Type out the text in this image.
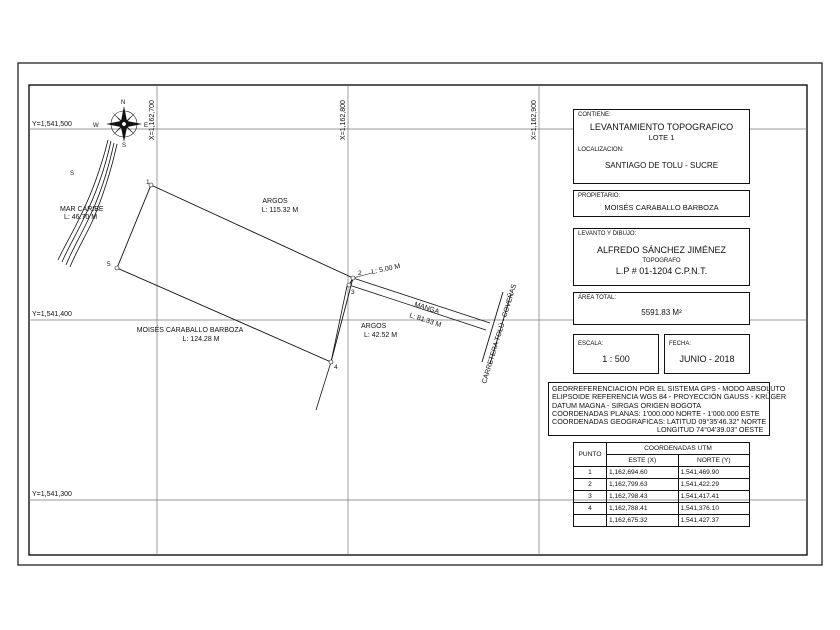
Y=1,541,500
Y=1,541,400
Y=1,541,300
X=1,162,700	X=1,162,800	X=1,162,900
N
E
W
S
S
CARRETERA TOLÚ - COVEÑAS
1
2
3
4
5
MAR CARIBE
L: 46.70 M
ARGOS
L: 115.32 M
L: 5.00 M
MANGA
L: 81.33 M
ARGOS
L: 42.52 M
MOISÉS CARABALLO BARBOZA
L: 124.28 M
CONTIENE:
LEVANTAMIENTO TOPOGRAFICO
LOTE 1
LOCALIZACION:
SANTIAGO DE TOLU - SUCRE
PROPIETARIO:
MOISÉS CARABALLO BARBOZA
LEVANTO Y DIBUJO:
ALFREDO SÁNCHEZ JIMÉNEZ
TOPOGRAFO
L.P # 01-1204 C.P.N.T.
ÁREA TOTAL:
5591.83 M²
ESCALA:
1 : 500
FECHA:
JUNIO - 2018
GEORREFERENCIACION POR EL SISTEMA GPS - MODO ABSOLUTO
ELIPSOIDE REFERENCIA WGS 84 - PROYECCIÓN GAUSS - KRÜGER
DATUM MAGNA - SIRGAS ORIGEN BOGOTA
COORDENADAS PLANAS: 1'000.000 NORTE - 1'000.000 ESTE
COORDENADAS GEOGRAFICAS: LATITUD 09°35'46.32" NORTE
LONGITUD 74°04'39.03" OESTE
PUNTO	COORDENADAS UTM	
	ESTE (X)	NORTE (Y)
1	1,162,694.60	1,541,469.90
2	1,162,799.63	1,541,422.29
3	1,162,798.43	1,541,417.41
4	1,162,788.41	1,541,376.10
	1,162,675.32	1,541,427.37
